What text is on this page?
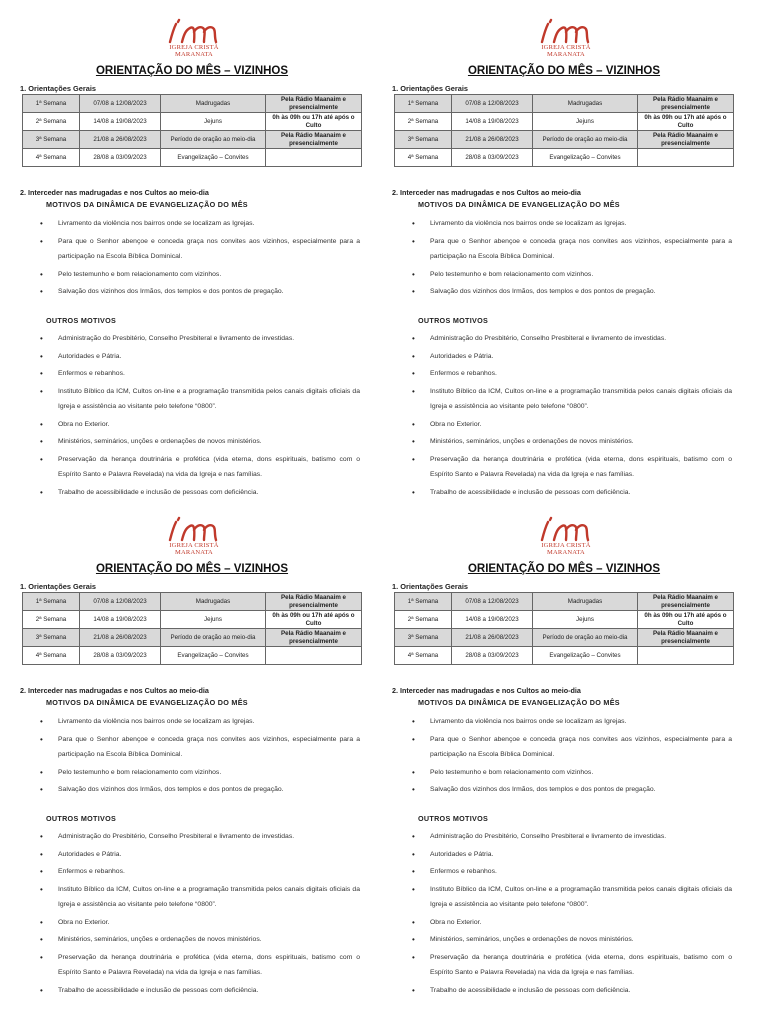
IGREJA CRISTÃ MARANATA
ORIENTAÇÃO DO MÊS – VIZINHOS
1. Orientações Gerais
1ª Semana	07/08 a 12/08/2023	Madrugadas	Pela Rádio Maanaim e presencialmente
2ª Semana	14/08 a 19/08/2023	Jejuns	0h às 09h ou 17h até após o Culto
3ª Semana	21/08 a 26/08/2023	Período de oração ao meio-dia	Pela Rádio Maanaim e presencialmente
4ª Semana	28/08 a 03/09/2023	Evangelização – Convites	
2. Interceder nas madrugadas e nos Cultos ao meio-dia
MOTIVOS DA DINÂMICA DE EVANGELIZAÇÃO DO MÊS
• Livramento da violência nos bairros onde se localizam as Igrejas.
• Para que o Senhor abençoe e conceda graça nos convites aos vizinhos, especialmente para a participação na Escola Bíblica Dominical.
• Pelo testemunho e bom relacionamento com vizinhos.
• Salvação dos vizinhos dos Irmãos, dos templos e dos pontos de pregação.
OUTROS MOTIVOS
• Administração do Presbitério, Conselho Presbiteral e livramento de investidas.
• Autoridades e Pátria.
• Enfermos e rebanhos.
• Instituto Bíblico da ICM, Cultos on-line e a programação transmitida pelos canais digitais oficiais da Igreja e assistência ao visitante pelo telefone “0800”.
• Obra no Exterior.
• Ministérios, seminários, unções e ordenações de novos ministérios.
• Preservação da herança doutrinária e profética (vida eterna, dons espirituais, batismo com o Espírito Santo e Palavra Revelada) na vida da Igreja e nas famílias.
• Trabalho de acessibilidade e inclusão de pessoas com deficiência.
IGREJA CRISTÃ MARANATA
ORIENTAÇÃO DO MÊS – VIZINHOS
1. Orientações Gerais
1ª Semana	07/08 a 12/08/2023	Madrugadas	Pela Rádio Maanaim e presencialmente
2ª Semana	14/08 a 19/08/2023	Jejuns	0h às 09h ou 17h até após o Culto
3ª Semana	21/08 a 26/08/2023	Período de oração ao meio-dia	Pela Rádio Maanaim e presencialmente
4ª Semana	28/08 a 03/09/2023	Evangelização – Convites	
2. Interceder nas madrugadas e nos Cultos ao meio-dia
MOTIVOS DA DINÂMICA DE EVANGELIZAÇÃO DO MÊS
• Livramento da violência nos bairros onde se localizam as Igrejas.
• Para que o Senhor abençoe e conceda graça nos convites aos vizinhos, especialmente para a participação na Escola Bíblica Dominical.
• Pelo testemunho e bom relacionamento com vizinhos.
• Salvação dos vizinhos dos Irmãos, dos templos e dos pontos de pregação.
OUTROS MOTIVOS
• Administração do Presbitério, Conselho Presbiteral e livramento de investidas.
• Autoridades e Pátria.
• Enfermos e rebanhos.
• Instituto Bíblico da ICM, Cultos on-line e a programação transmitida pelos canais digitais oficiais da Igreja e assistência ao visitante pelo telefone “0800”.
• Obra no Exterior.
• Ministérios, seminários, unções e ordenações de novos ministérios.
• Preservação da herança doutrinária e profética (vida eterna, dons espirituais, batismo com o Espírito Santo e Palavra Revelada) na vida da Igreja e nas famílias.
• Trabalho de acessibilidade e inclusão de pessoas com deficiência.
IGREJA CRISTÃ MARANATA
ORIENTAÇÃO DO MÊS – VIZINHOS
1. Orientações Gerais
1ª Semana	07/08 a 12/08/2023	Madrugadas	Pela Rádio Maanaim e presencialmente
2ª Semana	14/08 a 19/08/2023	Jejuns	0h às 09h ou 17h até após o Culto
3ª Semana	21/08 a 26/08/2023	Período de oração ao meio-dia	Pela Rádio Maanaim e presencialmente
4ª Semana	28/08 a 03/09/2023	Evangelização – Convites	
2. Interceder nas madrugadas e nos Cultos ao meio-dia
MOTIVOS DA DINÂMICA DE EVANGELIZAÇÃO DO MÊS
• Livramento da violência nos bairros onde se localizam as Igrejas.
• Para que o Senhor abençoe e conceda graça nos convites aos vizinhos, especialmente para a participação na Escola Bíblica Dominical.
• Pelo testemunho e bom relacionamento com vizinhos.
• Salvação dos vizinhos dos Irmãos, dos templos e dos pontos de pregação.
OUTROS MOTIVOS
• Administração do Presbitério, Conselho Presbiteral e livramento de investidas.
• Autoridades e Pátria.
• Enfermos e rebanhos.
• Instituto Bíblico da ICM, Cultos on-line e a programação transmitida pelos canais digitais oficiais da Igreja e assistência ao visitante pelo telefone “0800”.
• Obra no Exterior.
• Ministérios, seminários, unções e ordenações de novos ministérios.
• Preservação da herança doutrinária e profética (vida eterna, dons espirituais, batismo com o Espírito Santo e Palavra Revelada) na vida da Igreja e nas famílias.
• Trabalho de acessibilidade e inclusão de pessoas com deficiência.
IGREJA CRISTÃ MARANATA
ORIENTAÇÃO DO MÊS – VIZINHOS
1. Orientações Gerais
1ª Semana	07/08 a 12/08/2023	Madrugadas	Pela Rádio Maanaim e presencialmente
2ª Semana	14/08 a 19/08/2023	Jejuns	0h às 09h ou 17h até após o Culto
3ª Semana	21/08 a 26/08/2023	Período de oração ao meio-dia	Pela Rádio Maanaim e presencialmente
4ª Semana	28/08 a 03/09/2023	Evangelização – Convites	
2. Interceder nas madrugadas e nos Cultos ao meio-dia
MOTIVOS DA DINÂMICA DE EVANGELIZAÇÃO DO MÊS
• Livramento da violência nos bairros onde se localizam as Igrejas.
• Para que o Senhor abençoe e conceda graça nos convites aos vizinhos, especialmente para a participação na Escola Bíblica Dominical.
• Pelo testemunho e bom relacionamento com vizinhos.
• Salvação dos vizinhos dos Irmãos, dos templos e dos pontos de pregação.
OUTROS MOTIVOS
• Administração do Presbitério, Conselho Presbiteral e livramento de investidas.
• Autoridades e Pátria.
• Enfermos e rebanhos.
• Instituto Bíblico da ICM, Cultos on-line e a programação transmitida pelos canais digitais oficiais da Igreja e assistência ao visitante pelo telefone “0800”.
• Obra no Exterior.
• Ministérios, seminários, unções e ordenações de novos ministérios.
• Preservação da herança doutrinária e profética (vida eterna, dons espirituais, batismo com o Espírito Santo e Palavra Revelada) na vida da Igreja e nas famílias.
• Trabalho de acessibilidade e inclusão de pessoas com deficiência.
